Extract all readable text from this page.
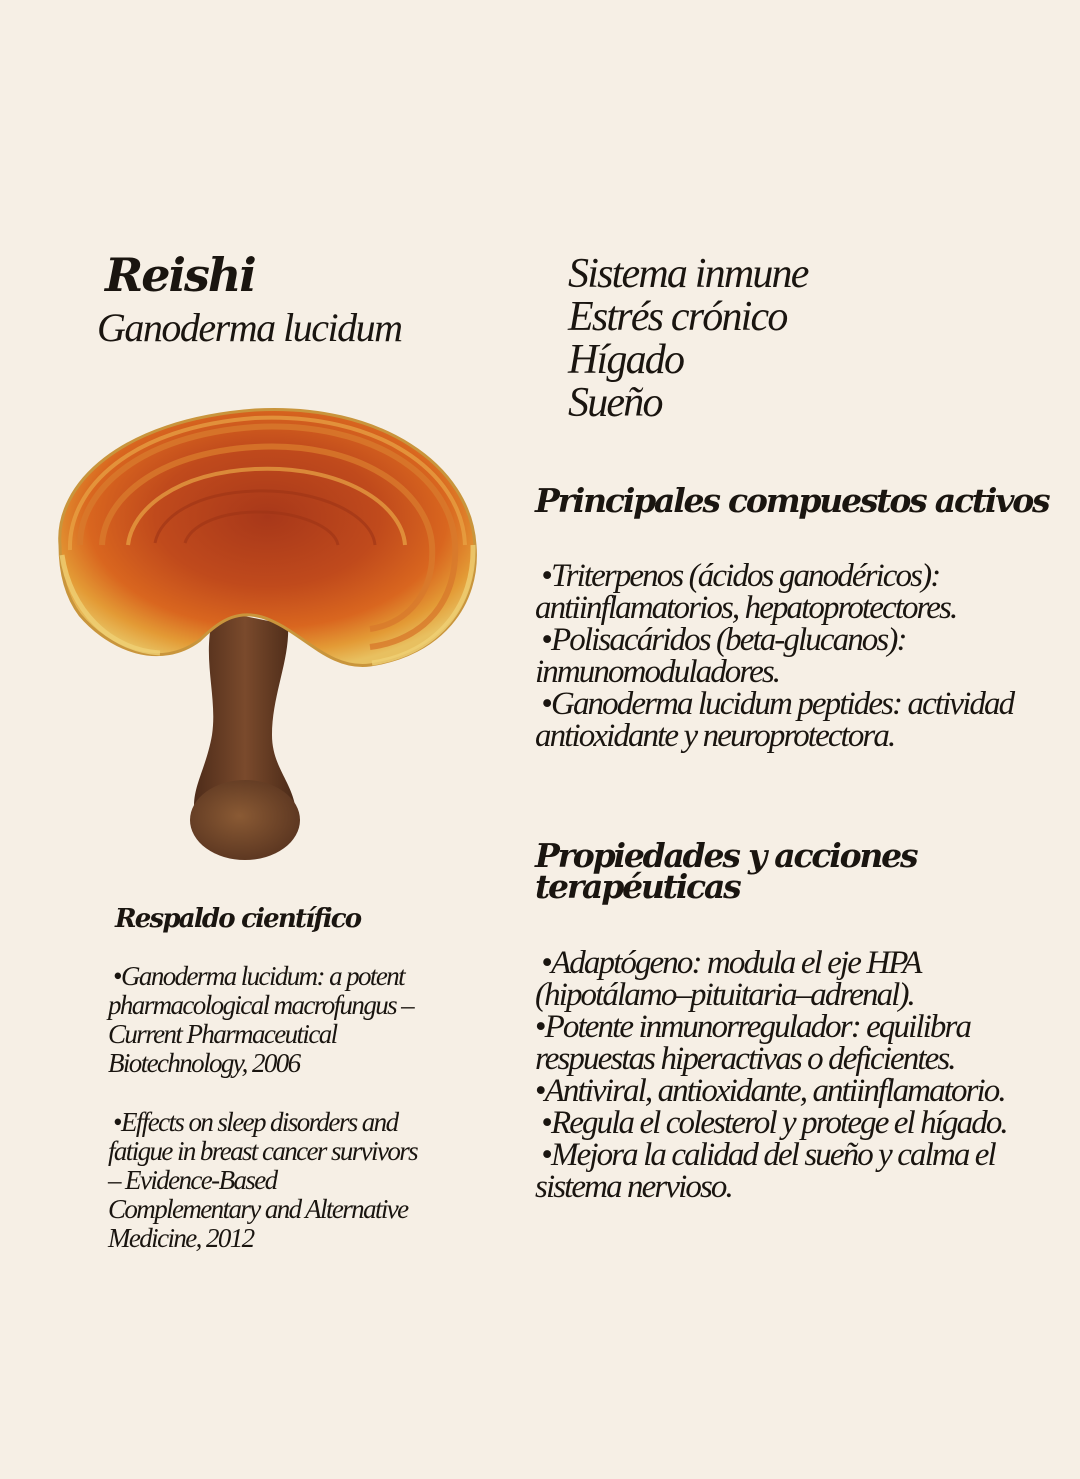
Reishi
Ganoderma lucidum
Sistema inmune
Estrés crónico
Hígado
Sueño
Principales compuestos activos

•Triterpenos (ácidos ganodéricos): antiinflamatorios, hepatoprotectores.

•Polisacáridos (beta-glucanos): inmunomoduladores.

•Ganoderma lucidum peptides: actividad antioxidante y neuroprotectora.

Propiedades y acciones terapéuticas

•Adaptógeno: modula el eje HPA (hipotálamo–pituitaria–adrenal).

•Potente inmunorregulador: equilibra respuestas hiperactivas o deficientes.

•Antiviral, antioxidante, antiinflamatorio.

•Regula el colesterol y protege el hígado.

•Mejora la calidad del sueño y calma el sistema nervioso.

Respaldo científico

•Ganoderma lucidum: a potent pharmacological macrofungus – Current Pharmaceutical Biotechnology, 2006

•Effects on sleep disorders and fatigue in breast cancer survivors – Evidence-Based Complementary and Alternative Medicine, 2012
